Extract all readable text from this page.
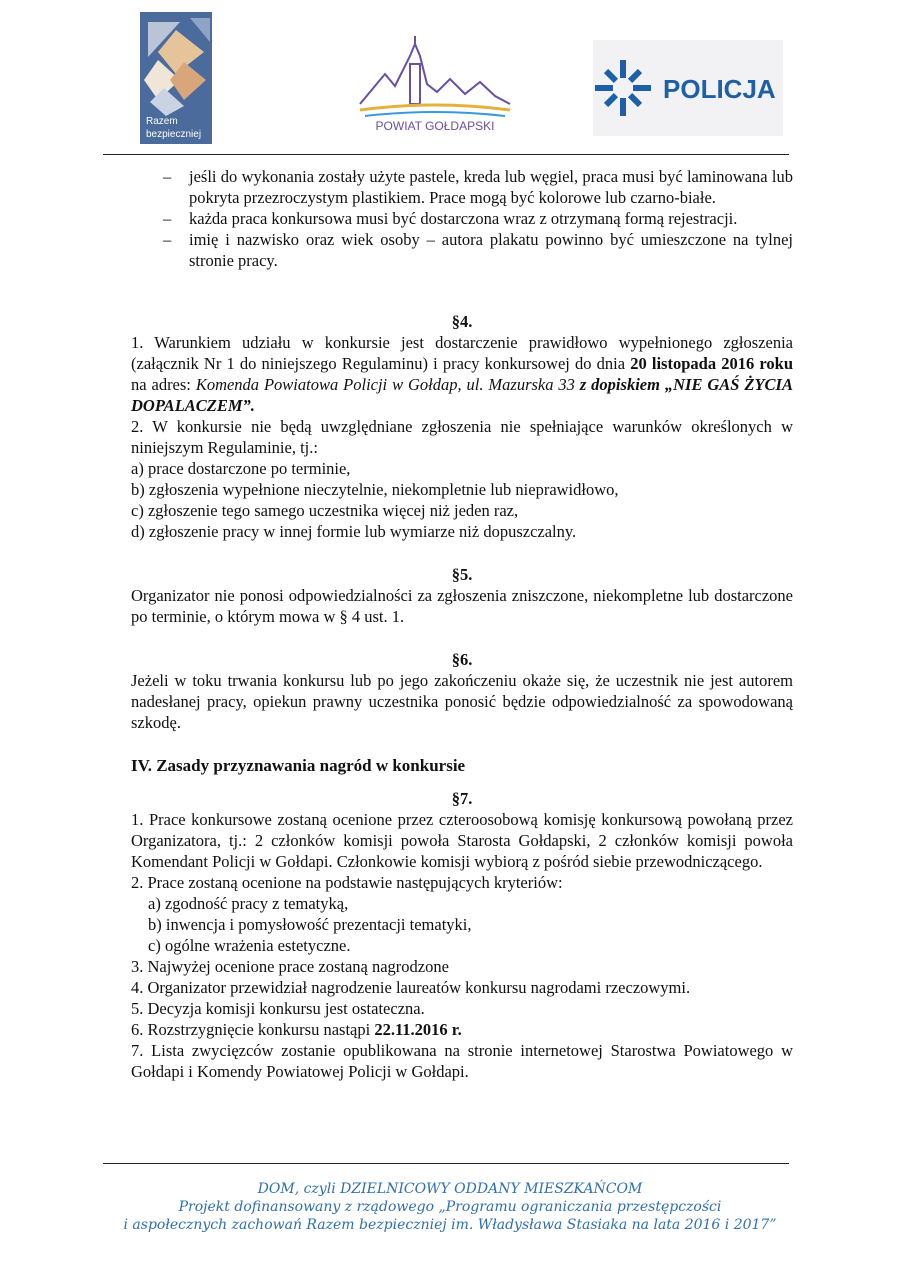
Razem
bezpieczniej
POWIAT GOŁDAPSKI
POLICJA
– jeśli do wykonania zostały użyte pastele, kreda lub węgiel, praca musi być laminowana lub pokryta przezroczystym plastikiem. Prace mogą być kolorowe lub czarno-białe.
– każda praca konkursowa musi być dostarczona wraz z otrzymaną formą rejestracji.
– imię i nazwisko oraz wiek osoby – autora plakatu powinno być umieszczone na tylnej stronie pracy.
§4.

1. Warunkiem udziału w konkursie jest dostarczenie prawidłowo wypełnionego zgłoszenia (załącznik Nr 1 do niniejszego Regulaminu) i pracy konkursowej do dnia 20 listopada 2016 roku na adres: Komenda Powiatowa Policji w Gołdap, ul. Mazurska 33 z dopiskiem „NIE GAŚ ŻYCIA DOPALACZEM”.

2. W konkursie nie będą uwzględniane zgłoszenia nie spełniające warunków określonych w niniejszym Regulaminie, tj.:

a) prace dostarczone po terminie,
b) zgłoszenia wypełnione nieczytelnie, niekompletnie lub nieprawidłowo,
c) zgłoszenie tego samego uczestnika więcej niż jeden raz,
d) zgłoszenie pracy w innej formie lub wymiarze niż dopuszczalny.
§5.

Organizator nie ponosi odpowiedzialności za zgłoszenia zniszczone, niekompletne lub dostarczone po terminie, o którym mowa w § 4 ust. 1.

§6.

Jeżeli w toku trwania konkursu lub po jego zakończeniu okaże się, że uczestnik nie jest autorem nadesłanej pracy, opiekun prawny uczestnika ponosić będzie odpowiedzialność za spowodowaną szkodę.

IV. Zasady przyznawania nagród w konkursie
§7.

1. Prace konkursowe zostaną ocenione przez czteroosobową komisję konkursową powołaną przez Organizatora, tj.: 2 członków komisji powoła Starosta Gołdapski, 2 członków komisji powoła Komendant Policji w Gołdapi. Członkowie komisji wybiorą z pośród siebie przewodniczącego.

2. Prace zostaną ocenione na podstawie następujących kryteriów:

a) zgodność pracy z tematyką,
b) inwencja i pomysłowość prezentacji tematyki,
c) ogólne wrażenia estetyczne.

3. Najwyżej ocenione prace zostaną nagrodzone

4. Organizator przewidział nagrodzenie laureatów konkursu nagrodami rzeczowymi.

5. Decyzja komisji konkursu jest ostateczna.

6. Rozstrzygnięcie konkursu nastąpi 22.11.2016 r.

7. Lista zwycięzców zostanie opublikowana na stronie internetowej Starostwa Powiatowego w Gołdapi i Komendy Powiatowej Policji w Gołdapi.

DOM, czyli DZIELNICOWY ODDANY MIESZKAŃCOM
Projekt dofinansowany z rządowego „Programu ograniczania przestępczości
i aspołecznych zachowań Razem bezpieczniej im. Władysława Stasiaka na lata 2016 i 2017”
